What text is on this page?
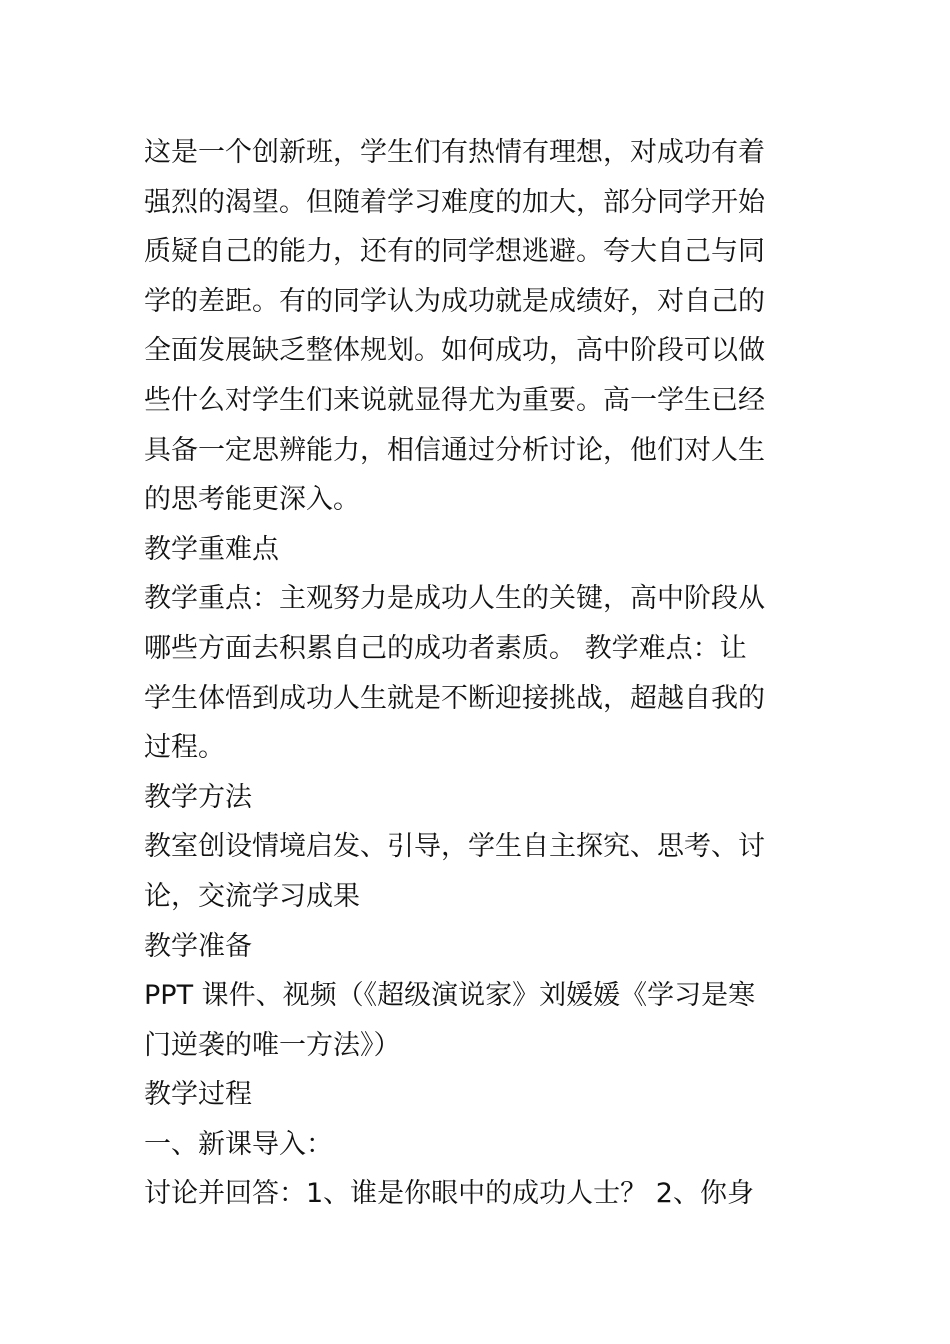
这是一个创新班，学生们有热情有理想，对成功有着
强烈的渴望。但随着学习难度的加大，部分同学开始
质疑自己的能力，还有的同学想逃避。夸大自己与同
学的差距。有的同学认为成功就是成绩好，对自己的
全面发展缺乏整体规划。如何成功，高中阶段可以做
些什么对学生们来说就显得尤为重要。高一学生已经
具备一定思辨能力，相信通过分析讨论，他们对人生
的思考能更深入。
教学重难点
教学重点：主观努力是成功人生的关键，高中阶段从
哪些方面去积累自己的成功者素质。 教学难点：让
学生体悟到成功人生就是不断迎接挑战，超越自我的
过程。
教学方法
教室创设情境启发、引导，学生自主探究、思考、讨
论，交流学习成果
教学准备
PPT 课件、视频（《超级演说家》刘媛媛《学习是寒
门逆袭的唯一方法》）
教学过程
一、新课导入：
讨论并回答：1、谁是你眼中的成功人士？ 2、你身
